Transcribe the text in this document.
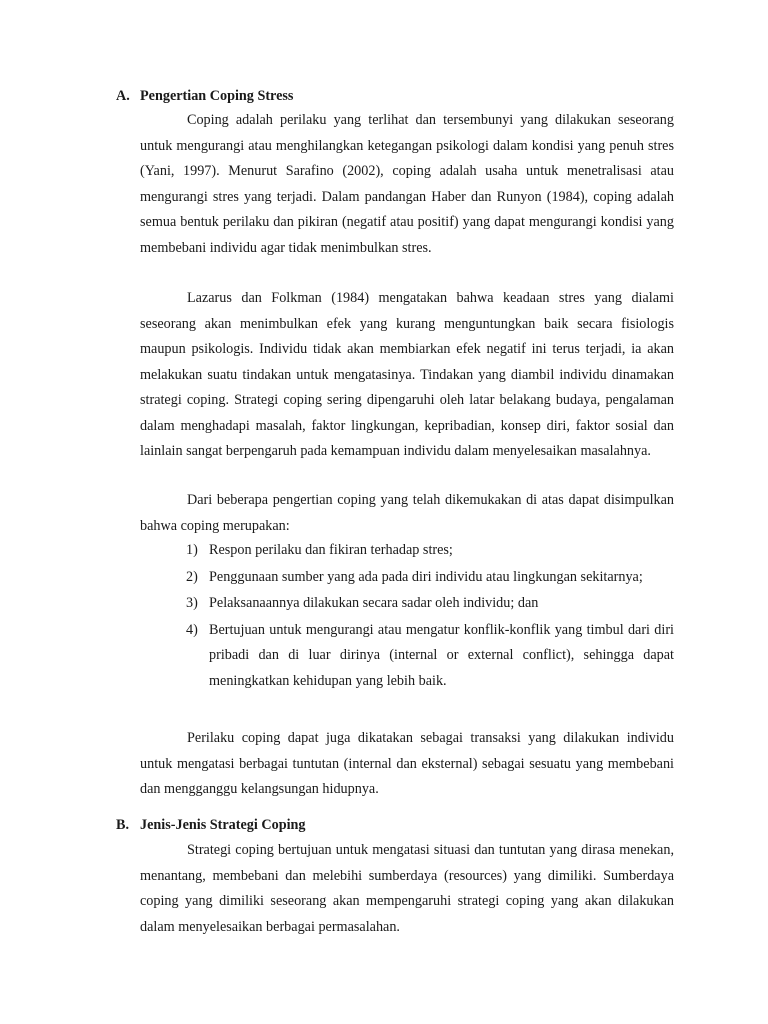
A. Pengertian Coping Stress

Coping adalah perilaku yang terlihat dan tersembunyi yang dilakukan seseorang untuk mengurangi atau menghilangkan ketegangan psikologi dalam kondisi yang penuh stres (Yani, 1997). Menurut Sarafino (2002), coping adalah usaha untuk menetralisasi atau mengurangi stres yang terjadi. Dalam pandangan Haber dan Runyon (1984), coping adalah semua bentuk perilaku dan pikiran (negatif atau positif) yang dapat mengurangi kondisi yang membebani individu agar tidak menimbulkan stres.

Lazarus dan Folkman (1984) mengatakan bahwa keadaan stres yang dialami seseorang akan menimbulkan efek yang kurang menguntungkan baik secara fisiologis maupun psikologis. Individu tidak akan membiarkan efek negatif ini terus terjadi, ia akan melakukan suatu tindakan untuk mengatasinya. Tindakan yang diambil individu dinamakan strategi coping. Strategi coping sering dipengaruhi oleh latar belakang budaya, pengalaman dalam menghadapi masalah, faktor lingkungan, kepribadian, konsep diri, faktor sosial dan lainlain sangat berpengaruh pada kemampuan individu dalam menyelesaikan masalahnya.

Dari beberapa pengertian coping yang telah dikemukakan di atas dapat disimpulkan bahwa coping merupakan:

1) Respon perilaku dan fikiran terhadap stres;
2) Penggunaan sumber yang ada pada diri individu atau lingkungan sekitarnya;
3) Pelaksanaannya dilakukan secara sadar oleh individu; dan
4) Bertujuan untuk mengurangi atau mengatur konflik-konflik yang timbul dari diri pribadi dan di luar dirinya (internal or external conflict), sehingga dapat meningkatkan kehidupan yang lebih baik.

Perilaku coping dapat juga dikatakan sebagai transaksi yang dilakukan individu untuk mengatasi berbagai tuntutan (internal dan eksternal) sebagai sesuatu yang membebani dan mengganggu kelangsungan hidupnya.

B. Jenis-Jenis Strategi Coping

Strategi coping bertujuan untuk mengatasi situasi dan tuntutan yang dirasa menekan, menantang, membebani dan melebihi sumberdaya (resources) yang dimiliki. Sumberdaya coping yang dimiliki seseorang akan mempengaruhi strategi coping yang akan dilakukan dalam menyelesaikan berbagai permasalahan.
